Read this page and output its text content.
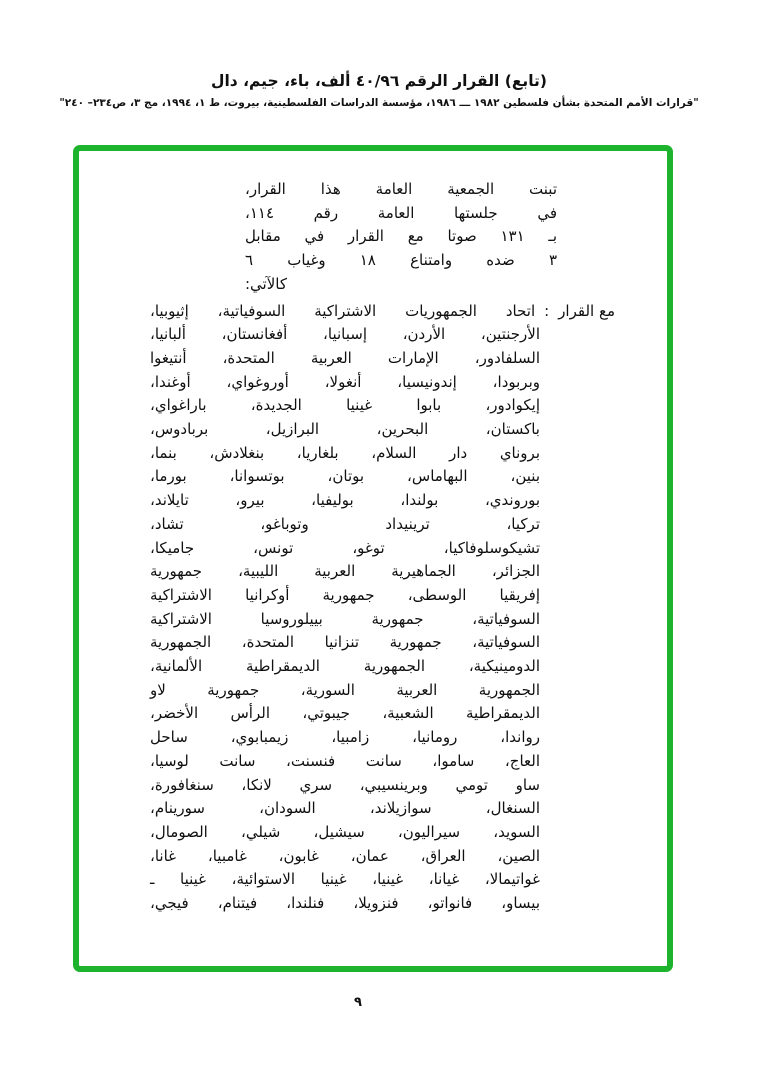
(تابع) القرار الرقم ٤٠/٩٦ ألف، باء، جيم، دال
"قرارات الأمم المتحدة بشأن فلسطين ١٩٨٢ ـــ ١٩٨٦، مؤسسة الدراسات الفلسطينية، بيروت، ط ١، ١٩٩٤، مج ٣، ص٢٣٤– ٢٤٠"
تبنت الجمعية العامة هذا القرار،
في جلستها العامة رقم ١١٤،
بـ ١٣١ صوتا مع القرار في مقابل
٣ ضده وامتناع ١٨ وغياب ٦
كالآتي:
مع القرار
:
اتحاد الجمهوريات الاشتراكية السوفياتية، إثيوبيا،
الأرجنتين، الأردن، إسبانيا، أفغانستان، ألبانيا،
السلفادور، الإمارات العربية المتحدة، أنتيغوا
وبربودا، إندونيسيا، أنغولا، أوروغواي، أوغندا،
إيكوادور، بابوا غينيا الجديدة، باراغواي،
باكستان، البحرين، البرازيل، بربادوس،
بروناي دار السلام، بلغاريا، بنغلادش، بنما،
بنين، البهاماس، بوتان، بوتسوانا، بورما،
بوروندي، بولندا، بوليفيا، بيرو، تايلاند،
تركيا، ترينيداد وتوباغو، تشاد،
تشيكوسلوفاكيا، توغو، تونس، جاميكا،
الجزائر، الجماهيرية العربية الليبية، جمهورية
إفريقيا الوسطى، جمهورية أوكرانيا الاشتراكية
السوفياتية، جمهورية بييلوروسيا الاشتراكية
السوفياتية، جمهورية تنزانيا المتحدة، الجمهورية
الدومينيكية، الجمهورية الديمقراطية الألمانية،
الجمهورية العربية السورية، جمهورية لاو
الديمقراطية الشعبية، جيبوتي، الرأس الأخضر،
رواندا، رومانيا، زامبيا، زيمبابوي، ساحل
العاج، ساموا، سانت فنسنت، سانت لوسيا،
ساو تومي وبرينسيبي، سري لانكا، سنغافورة،
السنغال، سوازيلاند، السودان، سورينام،
السويد، سيراليون، سيشيل، شيلي، الصومال،
الصين، العراق، عمان، غابون، غامبيا، غانا،
غواتيمالا، غيانا، غينيا، غينيا الاستوائية، غينيا ـ
بيساو، فانواتو، فنزويلا، فنلندا، فيتنام، فيجي،
٩
